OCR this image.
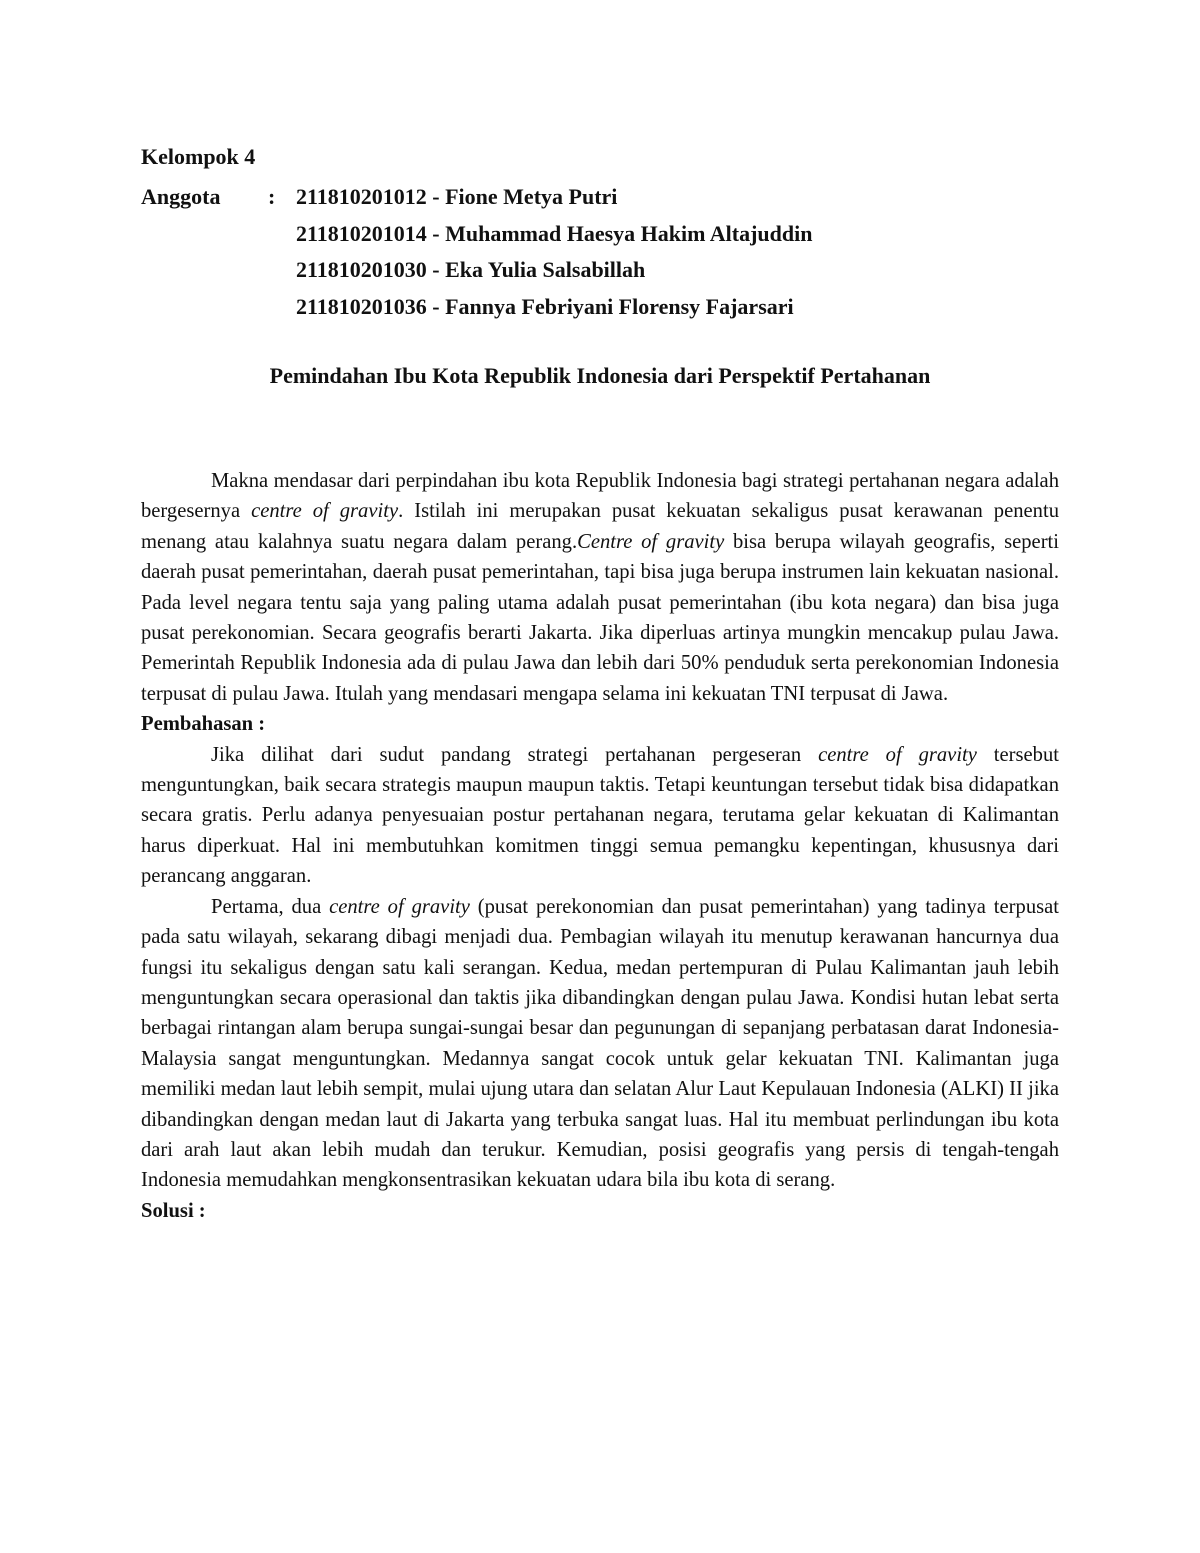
Kelompok 4
Anggota	: 211810201012 - Fione Metya Putri
211810201014 - Muhammad Haesya Hakim Altajuddin
211810201030 - Eka Yulia Salsabillah
211810201036 - Fannya Febriyani Florensy Fajarsari
Pemindahan Ibu Kota Republik Indonesia dari Perspektif Pertahanan

Makna mendasar dari perpindahan ibu kota Republik Indonesia bagi strategi pertahanan negara adalah bergesernya centre of gravity. Istilah ini merupakan pusat kekuatan sekaligus pusat kerawanan penentu menang atau kalahnya suatu negara dalam perang.Centre of gravity bisa berupa wilayah geografis, seperti daerah pusat pemerintahan, daerah pusat pemerintahan, tapi bisa juga berupa instrumen lain kekuatan nasional. Pada level negara tentu saja yang paling utama adalah pusat pemerintahan (ibu kota negara) dan bisa juga pusat perekonomian. Secara geografis berarti Jakarta. Jika diperluas artinya mungkin mencakup pulau Jawa. Pemerintah Republik Indonesia ada di pulau Jawa dan lebih dari 50% penduduk serta perekonomian Indonesia terpusat di pulau Jawa. Itulah yang mendasari mengapa selama ini kekuatan TNI terpusat di Jawa.

Pembahasan :

Jika dilihat dari sudut pandang strategi pertahanan pergeseran centre of gravity tersebut menguntungkan, baik secara strategis maupun maupun taktis. Tetapi keuntungan tersebut tidak bisa didapatkan secara gratis. Perlu adanya penyesuaian postur pertahanan negara, terutama gelar kekuatan di Kalimantan harus diperkuat. Hal ini membutuhkan komitmen tinggi semua pemangku kepentingan, khususnya dari perancang anggaran.

Pertama, dua centre of gravity (pusat perekonomian dan pusat pemerintahan) yang tadinya terpusat pada satu wilayah, sekarang dibagi menjadi dua. Pembagian wilayah itu menutup kerawanan hancurnya dua fungsi itu sekaligus dengan satu kali serangan. Kedua, medan pertempuran di Pulau Kalimantan jauh lebih menguntungkan secara operasional dan taktis jika dibandingkan dengan pulau Jawa. Kondisi hutan lebat serta berbagai rintangan alam berupa sungai-sungai besar dan pegunungan di sepanjang perbatasan darat Indonesia-Malaysia sangat menguntungkan. Medannya sangat cocok untuk gelar kekuatan TNI. Kalimantan juga memiliki medan laut lebih sempit, mulai ujung utara dan selatan Alur Laut Kepulauan Indonesia (ALKI) II jika dibandingkan dengan medan laut di Jakarta yang terbuka sangat luas. Hal itu membuat perlindungan ibu kota dari arah laut akan lebih mudah dan terukur. Kemudian, posisi geografis yang persis di tengah-tengah Indonesia memudahkan mengkonsentrasikan kekuatan udara bila ibu kota di serang.

Solusi :
